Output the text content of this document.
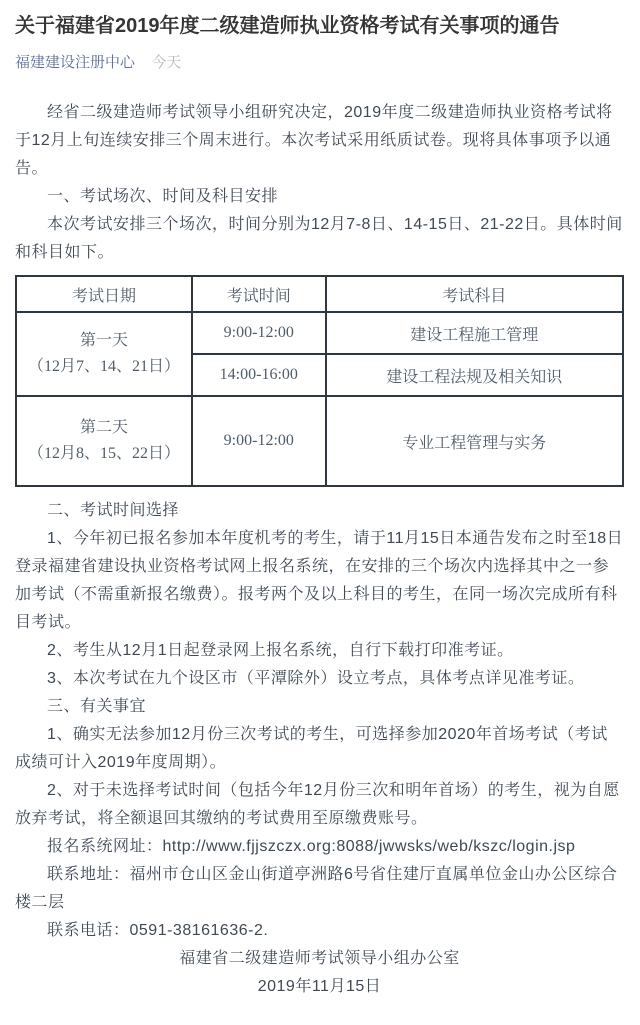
关于福建省2019年度二级建造师执业资格考试有关事项的通告
福建建设注册中心 今天

经省二级建造师考试领导小组研究决定，2019年度二级建造师执业资格考试将于12月上旬连续安排三个周末进行。本次考试采用纸质试卷。现将具体事项予以通告。

一、考试场次、时间及科目安排

本次考试安排三个场次，时间分别为12月7-8日、14-15日、21-22日。具体时间和科目如下。

考试日期	考试时间	考试科目

第一天
（12月7、14、21日）	9:00-12:00	建设工程施工管理
	14:00-16:00	建设工程法规及相关知识

第二天
（12月8、15、22日）	9:00-12:00	专业工程管理与实务

二、考试时间选择

1、今年初已报名参加本年度机考的考生，请于11月15日本通告发布之时至18日登录福建省建设执业资格考试网上报名系统，在安排的三个场次内选择其中之一参加考试（不需重新报名缴费）。报考两个及以上科目的考生，在同一场次完成所有科目考试。

2、考生从12月1日起登录网上报名系统，自行下载打印准考证。

3、本次考试在九个设区市（平潭除外）设立考点，具体考点详见准考证。

三、有关事宜

1、确实无法参加12月份三次考试的考生，可选择参加2020年首场考试（考试成绩可计入2019年度周期）。

2、对于未选择考试时间（包括今年12月份三次和明年首场）的考生，视为自愿放弃考试，将全额退回其缴纳的考试费用至原缴费账号。

报名系统网址：http://www.fjjszczx.org:8088/jwwsks/web/kszc/login.jsp

联系地址：福州市仓山区金山街道亭洲路6号省住建厅直属单位金山办公区综合楼二层

联系电话：0591-38161636-2.

福建省二级建造师考试领导小组办公室

2019年11月15日
